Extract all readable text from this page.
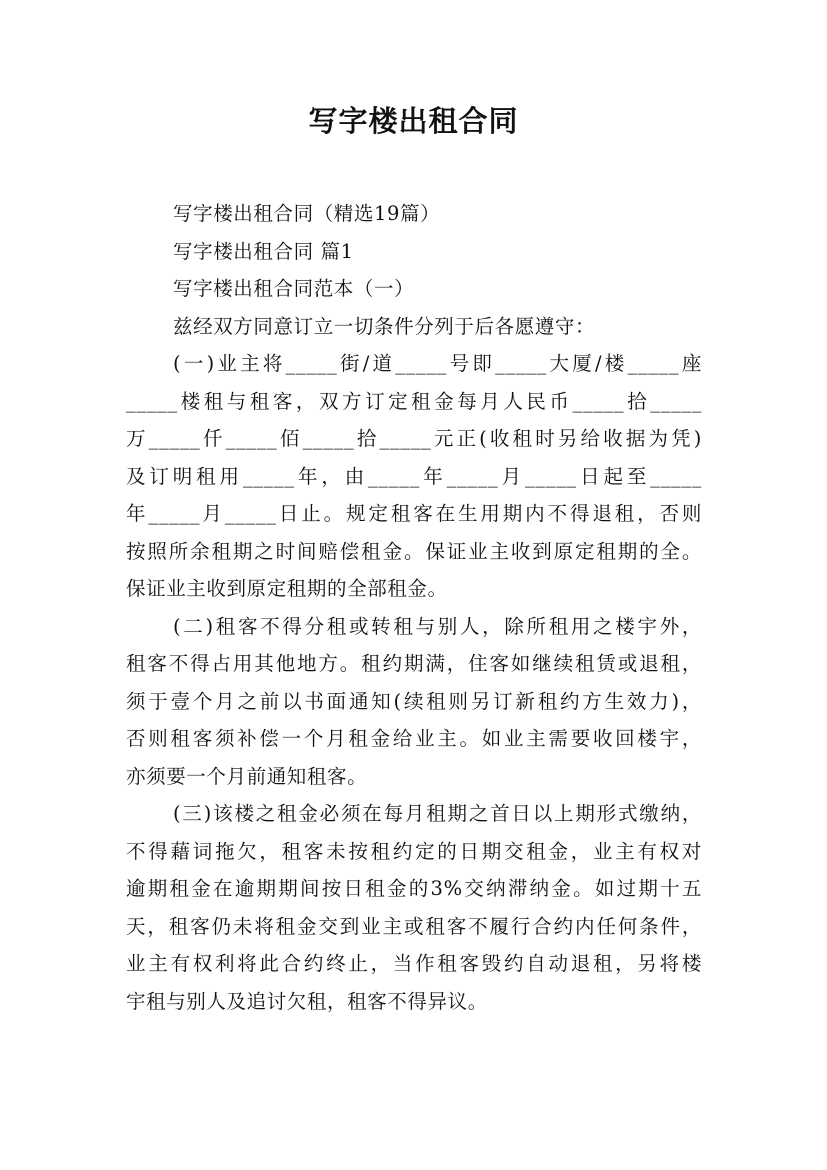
写字楼出租合同

写字楼出租合同（精选19篇）

写字楼出租合同 篇1

写字楼出租合同范本（一）

兹经双方同意订立一切条件分列于后各愿遵守：

(一)业主将_____街/道_____号即_____大厦/楼_____座

_____楼租与租客，双方订定租金每月人民币_____拾_____

万_____仟_____佰_____拾_____元正(收租时另给收据为凭)

及订明租用_____年，由_____年_____月_____日起至_____

年_____月_____日止。规定租客在生用期内不得退租，否则

按照所余租期之时间赔偿租金。保证业主收到原定租期的全。

保证业主收到原定租期的全部租金。

(二)租客不得分租或转租与别人，除所租用之楼宇外，

租客不得占用其他地方。租约期满，住客如继续租赁或退租，

须于壹个月之前以书面通知(续租则另订新租约方生效力)，

否则租客须补偿一个月租金给业主。如业主需要收回楼宇，

亦须要一个月前通知租客。

(三)该楼之租金必须在每月租期之首日以上期形式缴纳，

不得藉词拖欠，租客未按租约定的日期交租金，业主有权对

逾期租金在逾期期间按日租金的3%交纳滞纳金。如过期十五

天，租客仍未将租金交到业主或租客不履行合约内任何条件，

业主有权利将此合约终止，当作租客毁约自动退租，另将楼

宇租与别人及追讨欠租，租客不得异议。
